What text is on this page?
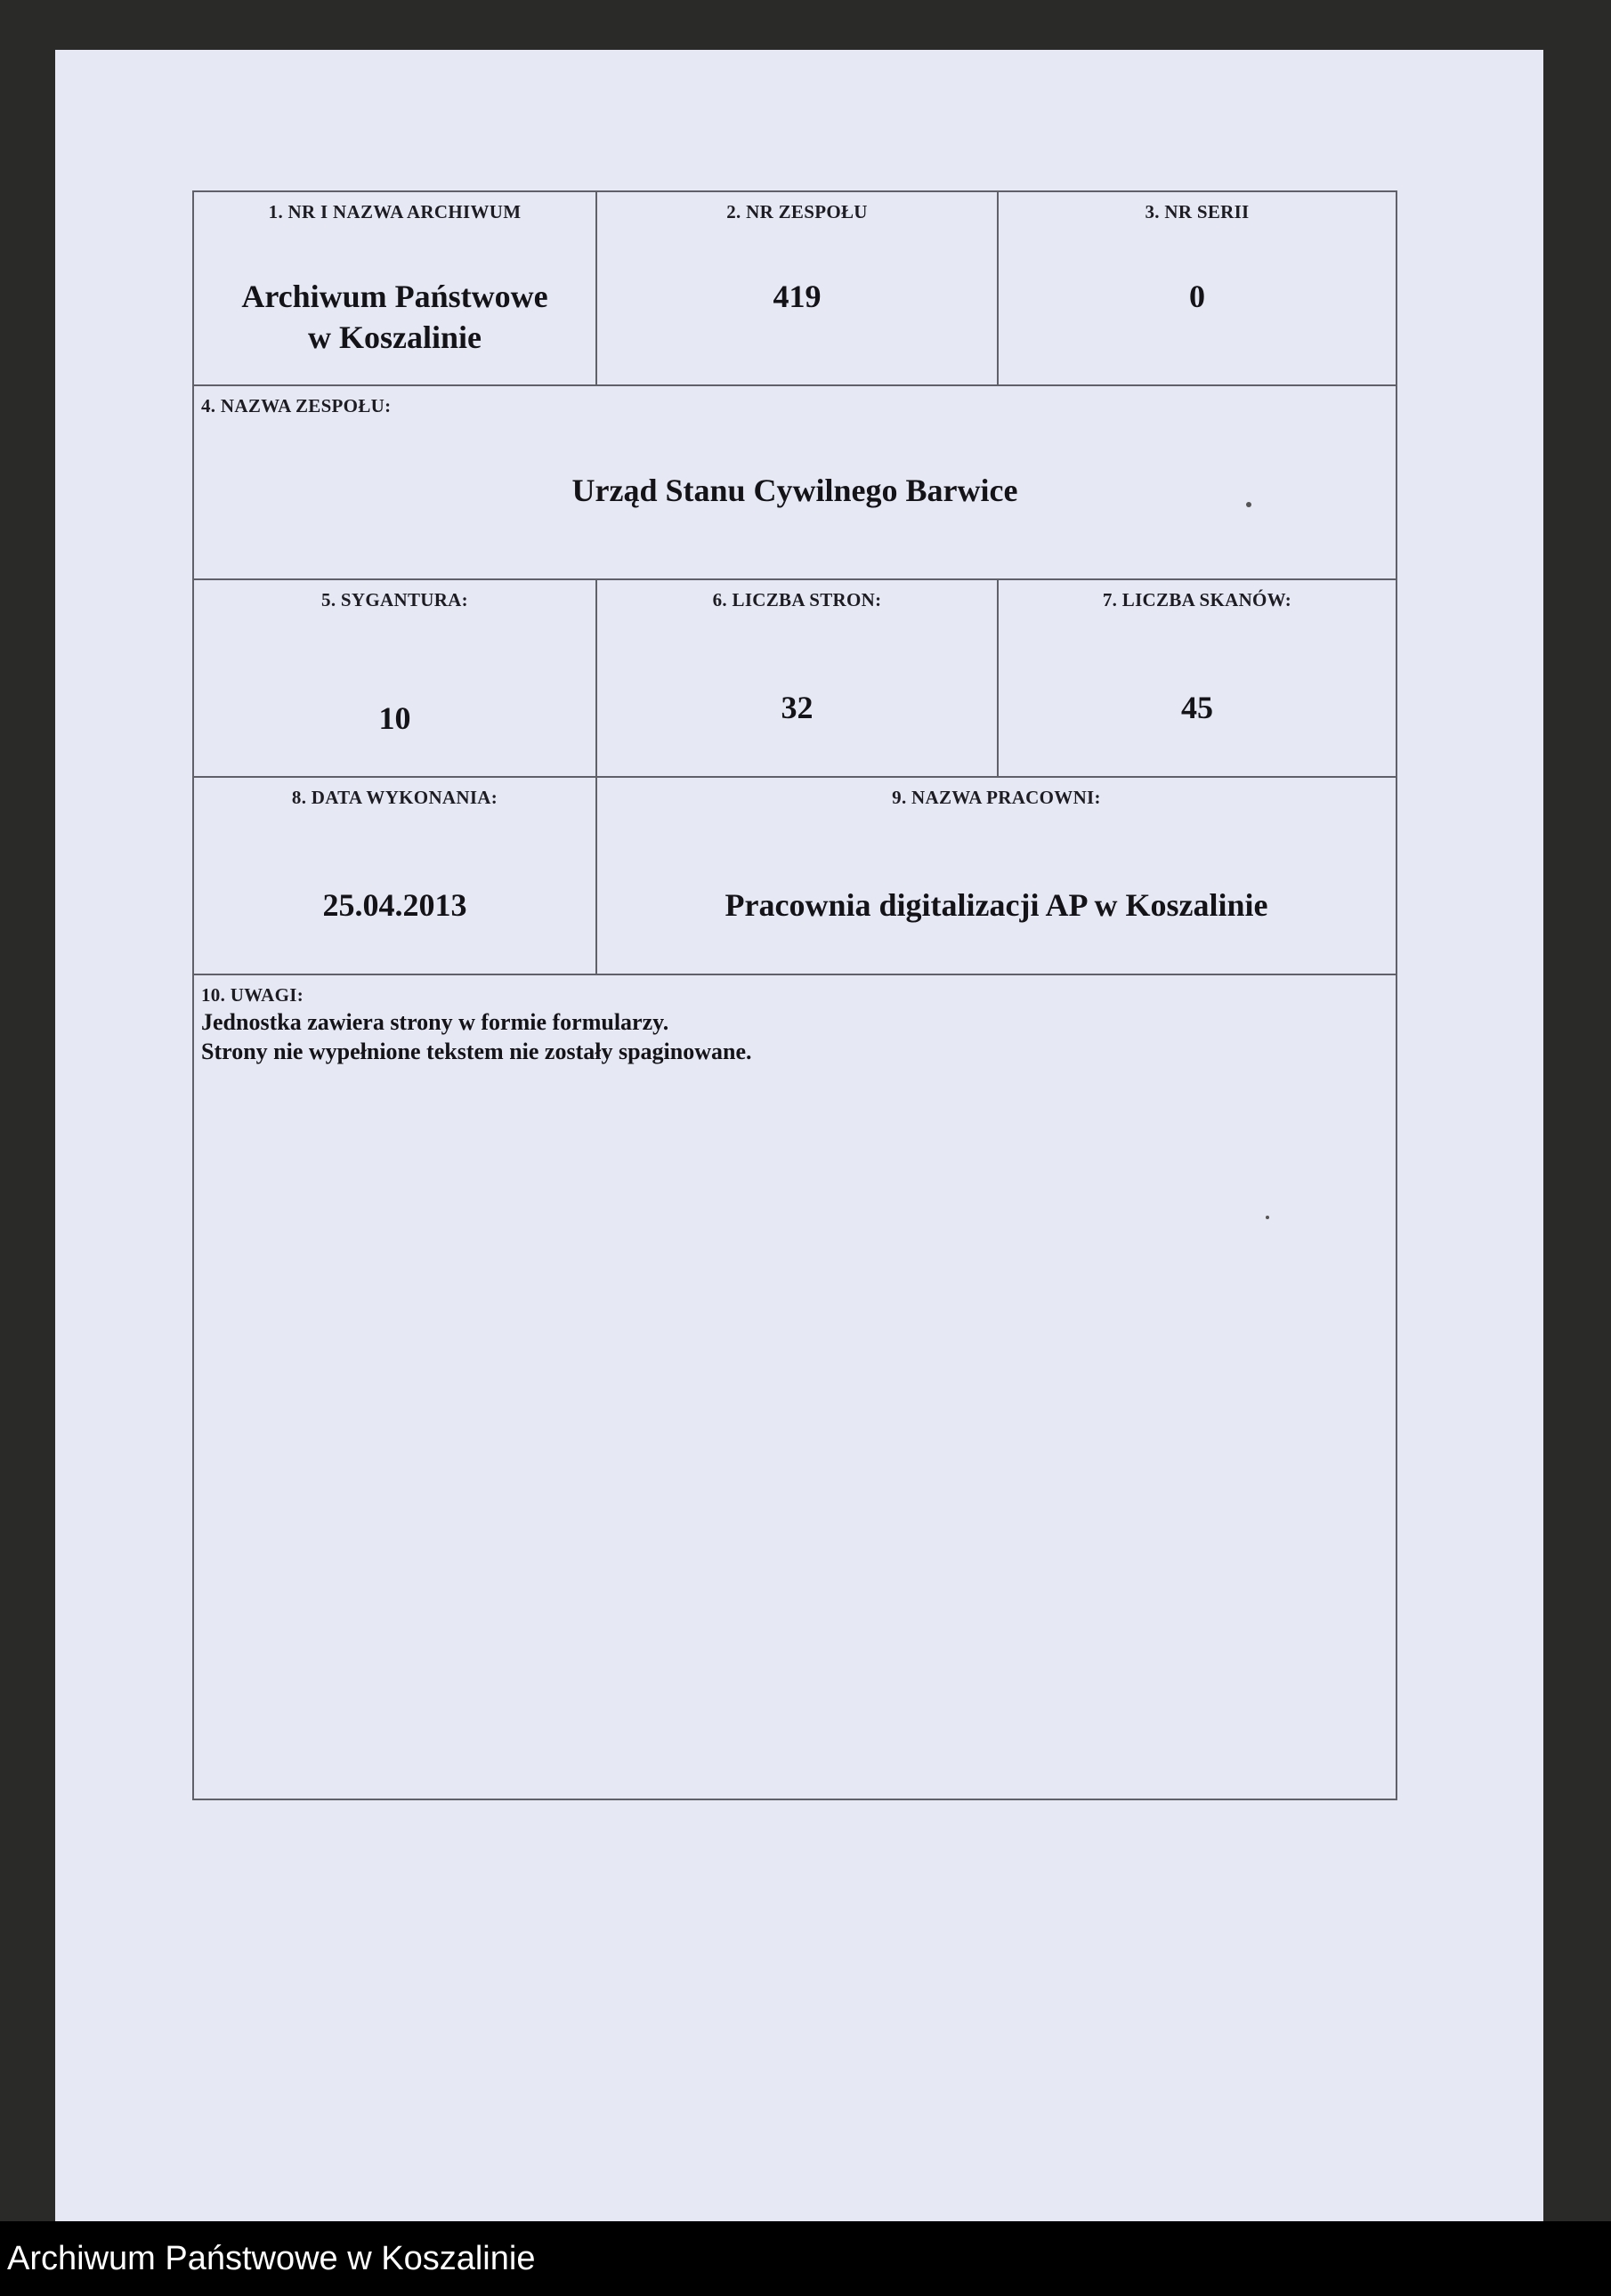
1. NR I NAZWA ARCHIWUM
Archiwum Państwowe
w Koszalinie
2. NR ZESPOŁU
419
3. NR SERII
0
4. NAZWA ZESPOŁU:
Urząd Stanu Cywilnego Barwice
5. SYGANTURA:
10
6. LICZBA STRON:
32
7. LICZBA SKANÓW:
45
8. DATA WYKONANIA:
25.04.2013
9. NAZWA PRACOWNI:
Pracownia digitalizacji AP w Koszalinie
10. UWAGI:
Jednostka zawiera strony w formie formularzy.
Strony nie wypełnione tekstem nie zostały spaginowane.
Archiwum Państwowe w Koszalinie
